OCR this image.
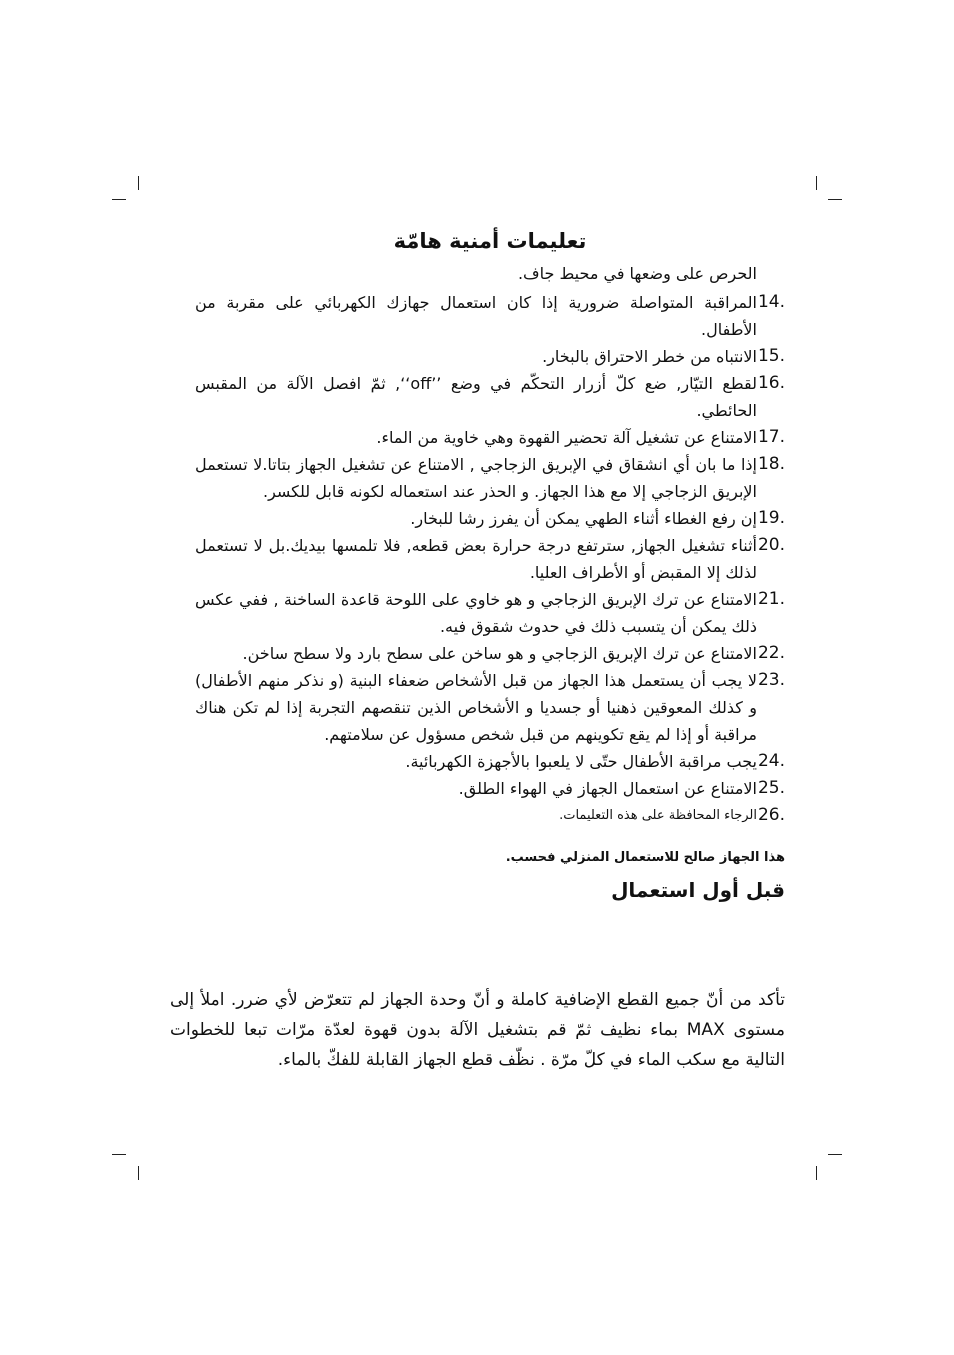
تعليمات أمنية هامّة

الحرص على وضعها في محيط جاف.

14.
المراقبة المتواصلة ضرورية إذا كان استعمال جهازك الكهربائي على مقربة من الأطفال.
15.
الانتباه من خطر الاحتراق بالبخار.
16.
لقطع التيّار, ضع كلّ أزرار التحكّم في وضع ’’off‘‘, ثمّ افصل الآلة من المقبس الحائطي.
17.
الامتناع عن تشغيل آلة تحضير القهوة وهي خاوية من الماء.
18.
إذا ما بان أي انشقاق في الإبريق الزجاجي , الامتناع عن تشغيل الجهاز بتاتا.لا تستعمل الإبريق الزجاجي إلا مع هذا الجهاز. و الحذر عند استعماله لكونه قابل للكسر.
19.
إن رفع الغطاء أثناء الطهي يمكن أن يفرز رشا للبخار.
20.
أثناء تشغيل الجهاز, سترتفع درجة حرارة بعض قطعه, فلا تلمسها بيديك.بل لا تستعمل لذلك إلا المقبض أو الأطراف العليا.
21.
الامتناع عن ترك الإبريق الزجاجي و هو خاوي على اللوحة قاعدة الساخنة , ففي عكس ذلك يمكن أن يتسبب ذلك في حدوث شقوق فيه.
22.
الامتناع عن ترك الإبريق الزجاجي و هو ساخن على سطح بارد ولا سطح ساخن.
23.
لا يجب أن يستعمل هذا الجهاز من قبل الأشخاص ضعفاء البنية (و نذكر منهم الأطفال) و كذلك المعوقين ذهنيا أو جسديا و الأشخاص الذين تنقصهم التجربة إذا لم تكن هناك مراقبة أو إذا لم يقع تكوينهم من قبل شخص مسؤول عن سلامتهم.
24.
يجب مراقبة الأطفال حتّى لا يلعبوا بالأجهزة الكهربائية.
25.
الامتناع عن استعمال الجهاز في الهواء الطلق.
26.
الرجاء المحافظة على هذه التعليمات.
هذا الجهاز صالح للاستعمال المنزلي فحسب.
قبل أول استعمال

تأكد من أنّ جميع القطع الإضافية كاملة و أنّ وحدة الجهاز لم تتعرّض لأي ضرر. املأ إلى مستوى MAX بماء نظيف ثمّ قم بتشغيل الآلة بدون قهوة لعدّة مرّات تبعا للخطوات التالية مع سكب الماء في كلّ مرّة . نظّف قطع الجهاز القابلة للفكّ بالماء.
